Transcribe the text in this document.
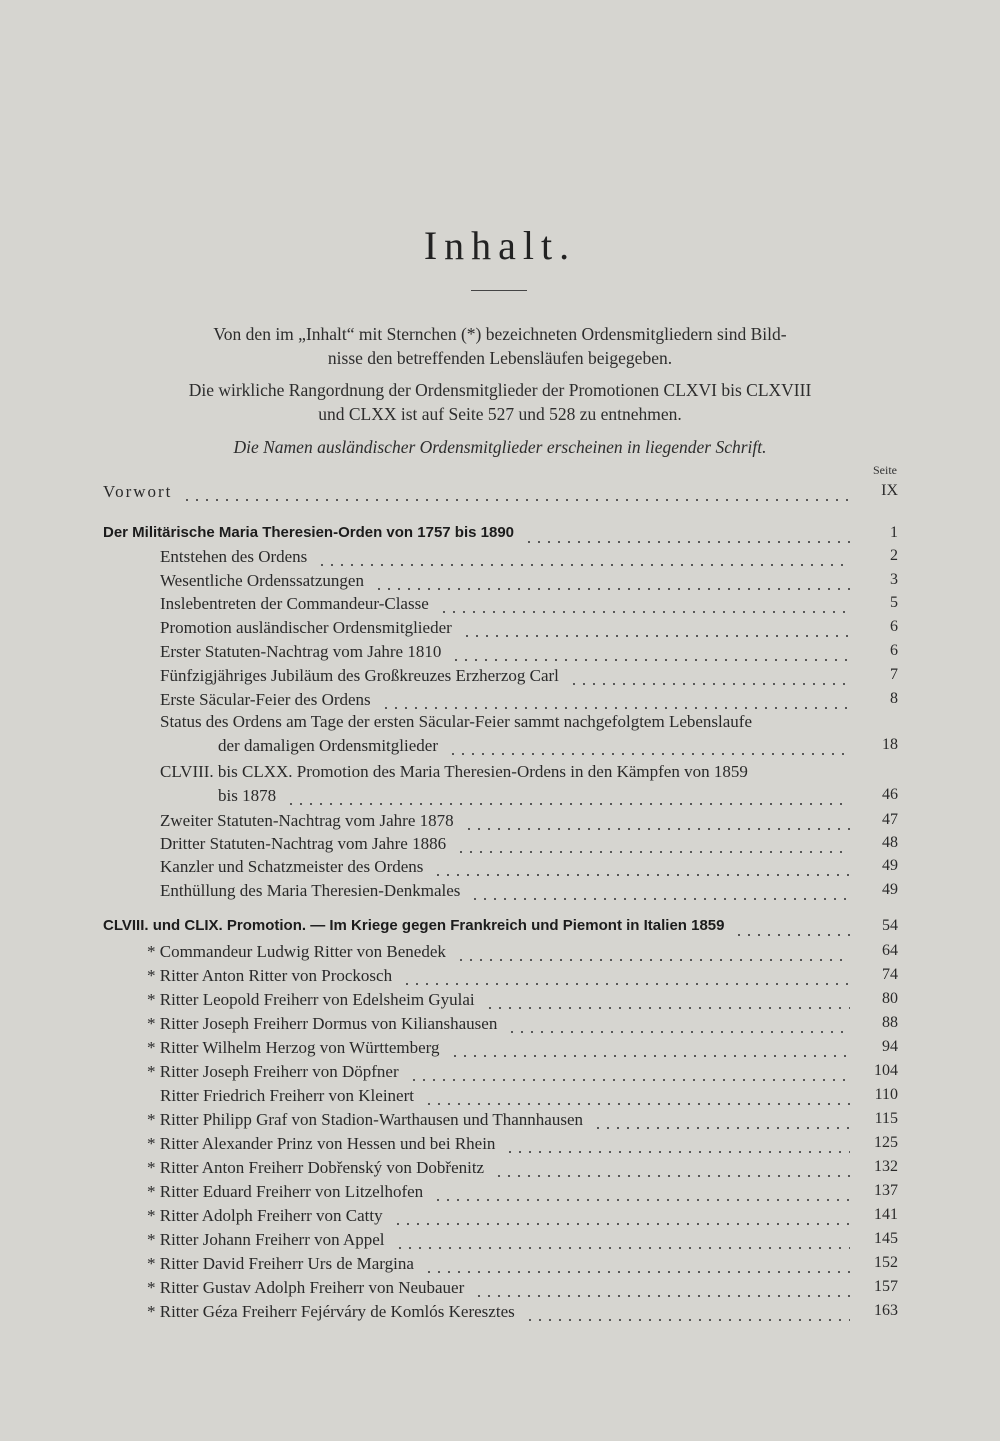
Inhalt.
Von den im „Inhalt“ mit Sternchen (*) bezeichneten Ordensmitgliedern sind Bild-
nisse den betreffenden Lebensläufen beigegeben.
Die wirkliche Rangordnung der Ordensmitglieder der Promotionen CLXVI bis CLXVIII
und CLXX ist auf Seite 527 und 528 zu entnehmen.
Die Namen ausländischer Ordensmitglieder erscheinen in liegender Schrift.
Seite
Vorwort	IX
Der Militärische Maria Theresien-Orden von 1757 bis 1890	1
Entstehen des Ordens	2
Wesentliche Ordenssatzungen	3
Inslebentreten der Commandeur-Classe	5
Promotion ausländischer Ordensmitglieder	6
Erster Statuten-Nachtrag vom Jahre 1810	6
Fünfzigjähriges Jubiläum des Großkreuzes Erzherzog Carl	7
Erste Säcular-Feier des Ordens	8
Status des Ordens am Tage der ersten Säcular-Feier sammt nachgefolgtem Lebenslaufe
der damaligen Ordensmitglieder	18
CLVIII. bis CLXX. Promotion des Maria Theresien-Ordens in den Kämpfen von 1859
bis 1878	46
Zweiter Statuten-Nachtrag vom Jahre 1878	47
Dritter Statuten-Nachtrag vom Jahre 1886	48
Kanzler und Schatzmeister des Ordens	49
Enthüllung des Maria Theresien-Denkmales	49
CLVIII. und CLIX. Promotion. — Im Kriege gegen Frankreich und Piemont in Italien 1859	54
* Commandeur Ludwig Ritter von Benedek	64
* Ritter Anton Ritter von Prockosch	74
* Ritter Leopold Freiherr von Edelsheim Gyulai	80
* Ritter Joseph Freiherr Dormus von Kilianshausen	88
* Ritter Wilhelm Herzog von Württemberg	94
* Ritter Joseph Freiherr von Döpfner	104
Ritter Friedrich Freiherr von Kleinert	110
* Ritter Philipp Graf von Stadion-Warthausen und Thannhausen	115
* Ritter Alexander Prinz von Hessen und bei Rhein	125
* Ritter Anton Freiherr Dobřenský von Dobřenitz	132
* Ritter Eduard Freiherr von Litzelhofen	137
* Ritter Adolph Freiherr von Catty	141
* Ritter Johann Freiherr von Appel	145
* Ritter David Freiherr Urs de Margina	152
* Ritter Gustav Adolph Freiherr von Neubauer	157
* Ritter Géza Freiherr Fejérváry de Komlós Keresztes	163
